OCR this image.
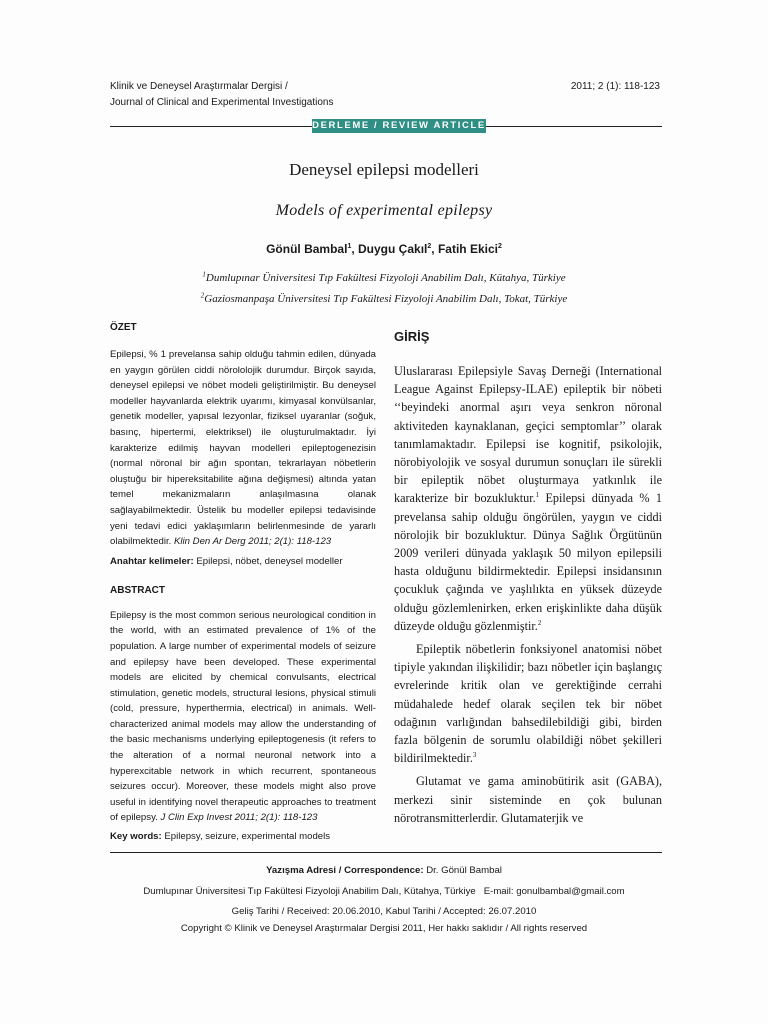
Klinik ve Deneysel Araştırmalar Dergisi /
Journal of Clinical and Experimental Investigations
2011; 2 (1): 118-123
DERLEME / REVIEW ARTICLE
Deneysel epilepsi modelleri
Models of experimental epilepsy
Gönül Bambal$^1$, Duygu Çakıl$^2$, Fatih Ekici$^2$
$^1$Dumlupınar Üniversitesi Tıp Fakültesi Fizyoloji Anabilim Dalı, Kütahya, Türkiye
$^2$Gaziosmanpaşa Üniversitesi Tıp Fakültesi Fizyoloji Anabilim Dalı, Tokat, Türkiye

ÖZET

Epilepsi, % 1 prevelansa sahip olduğu tahmin edilen, dünyada en yaygın görülen ciddi nörololojik durumdur. Birçok sayıda, deneysel epilepsi ve nöbet modeli geliştirilmiştir. Bu deneysel modeller hayvanlarda elektrik uyarımı, kimyasal konvülsanlar, genetik modeller, yapısal lezyonlar, fiziksel uyaranlar (soğuk, basınç, hipertermi, elektriksel) ile oluşturulmaktadır. İyi karakterize edilmiş hayvan modelleri epileptogenezisin (normal nöronal bir ağın spontan, tekrarlayan nöbetlerin oluştuğu bir hipereksitabilite ağına değişmesi) altında yatan temel mekanizmaların anlaşılmasına olanak sağlayabilmektedir. Üstelik bu modeller epilepsi tedavisinde yeni tedavi edici yaklaşımların belirlenmesinde de yararlı olabilmektedir. Klin Den Ar Derg 2011; 2(1): 118-123

Anahtar kelimeler: Epilepsi, nöbet, deneysel modeller

ABSTRACT

Epilepsy is the most common serious neurological condition in the world, with an estimated prevalence of 1% of the population. A large number of experimental models of seizure and epilepsy have been developed. These experimental models are elicited by chemical convulsants, electrical stimulation, genetic models, structural lesions, physical stimuli (cold, pressure, hyperthermia, electrical) in animals. Well-characterized animal models may allow the understanding of the basic mechanisms underlying epileptogenesis (it refers to the alteration of a normal neuronal network into a hyperexcitable network in which recurrent, spontaneous seizures occur). Moreover, these models might also prove useful in identifying novel therapeutic approaches to treatment of epilepsy. J Clin Exp Invest 2011; 2(1): 118-123

Key words: Epilepsy, seizure, experimental models

GİRİŞ

Uluslararası Epilepsiyle Savaş Derneği (International League Against Epilepsy-ILAE) epileptik bir nöbeti ‘‘beyindeki anormal aşırı veya senkron nöronal aktiviteden kaynaklanan, geçici semptomlar’’ olarak tanımlamaktadır. Epilepsi ise kognitif, psikolojik, nörobiyolojik ve sosyal durumun sonuçları ile sürekli bir epileptik nöbet oluşturmaya yatkınlık ile karakterize bir bozukluktur.$^1$ Epilepsi dünyada % 1 prevelansa sahip olduğu öngörülen, yaygın ve ciddi nörolojik bir bozukluktur. Dünya Sağlık Örgütünün 2009 verileri dünyada yaklaşık 50 milyon epilepsili hasta olduğunu bildirmektedir. Epilepsi insidansının çocukluk çağında ve yaşlılıkta en yüksek düzeyde olduğu gözlemlenirken, erken erişkinlikte daha düşük düzeyde olduğu gözlenmiştir.$^2$

Epileptik nöbetlerin fonksiyonel anatomisi nöbet tipiyle yakından ilişkilidir; bazı nöbetler için başlangıç evrelerinde kritik olan ve gerektiğinde cerrahi müdahalede hedef olarak seçilen tek bir nöbet odağının varlığından bahsedilebildiği gibi, birden fazla bölgenin de sorumlu olabildiği nöbet şekilleri bildirilmektedir.$^3$

Glutamat ve gama aminobütirik asit (GABA), merkezi sinir sisteminde en çok bulunan nörotransmitterlerdir. Glutamaterjik ve

Yazışma Adresi / Correspondence: Dr. Gönül Bambal
Dumlupınar Üniversitesi Tıp Fakültesi Fizyoloji Anabilim Dalı, Kütahya, Türkiye E-mail: gonulbambal@gmail.com
Geliş Tarihi / Received: 20.06.2010, Kabul Tarihi / Accepted: 26.07.2010
Copyright © Klinik ve Deneysel Araştırmalar Dergisi 2011, Her hakkı saklıdır / All rights reserved
